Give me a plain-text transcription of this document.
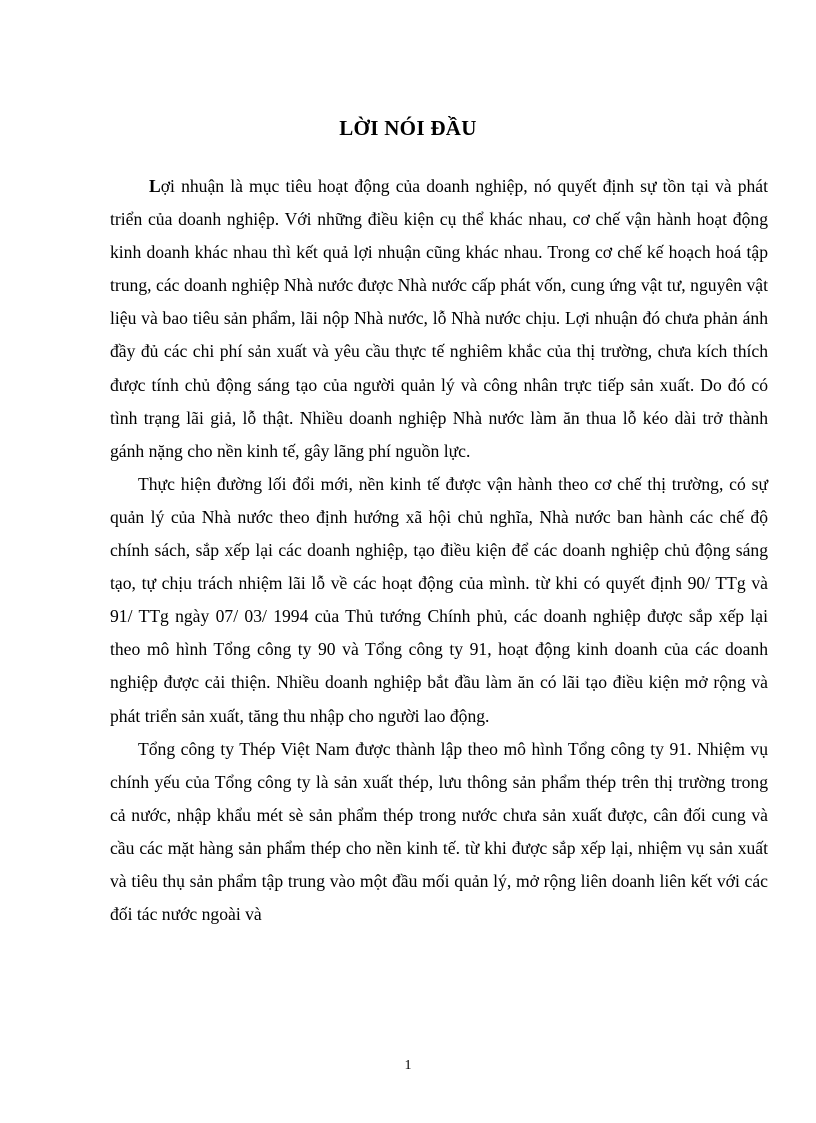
LỜI NÓI ĐẦU

Lợi nhuận là mục tiêu hoạt động của doanh nghiệp, nó quyết định sự tồn tại và phát triển của doanh nghiệp. Với những điều kiện cụ thể khác nhau, cơ chế vận hành hoạt động kinh doanh khác nhau thì kết quả lợi nhuận cũng khác nhau. Trong cơ chế kế hoạch hoá tập trung, các doanh nghiệp Nhà nước được Nhà nước cấp phát vốn, cung ứng vật tư, nguyên vật liệu và bao tiêu sản phẩm, lãi nộp Nhà nước, lỗ Nhà nước chịu. Lợi nhuận đó chưa phản ánh đầy đủ các chi phí sản xuất và yêu cầu thực tế nghiêm khắc của thị trường, chưa kích thích được tính chủ động sáng tạo của người quản lý và công nhân trực tiếp sản xuất. Do đó có tình trạng lãi giả, lỗ thật. Nhiều doanh nghiệp Nhà nước làm ăn thua lỗ kéo dài trở thành gánh nặng cho nền kinh tế, gây lãng phí nguồn lực.

Thực hiện đường lối đổi mới, nền kinh tế được vận hành theo cơ chế thị trường, có sự quản lý của Nhà nước theo định hướng xã hội chủ nghĩa, Nhà nước ban hành các chế độ chính sách, sắp xếp lại các doanh nghiệp, tạo điều kiện để các doanh nghiệp chủ động sáng tạo, tự chịu trách nhiệm lãi lỗ về các hoạt động của mình. từ khi có quyết định 90/ TTg và 91/ TTg ngày 07/ 03/ 1994 của Thủ tướng Chính phủ, các doanh nghiệp được sắp xếp lại theo mô hình Tổng công ty 90 và Tổng công ty 91, hoạt động kinh doanh của các doanh nghiệp được cải thiện. Nhiều doanh nghiệp bắt đầu làm ăn có lãi tạo điều kiện mở rộng và phát triển sản xuất, tăng thu nhập cho người lao động.

Tổng công ty Thép Việt Nam được thành lập theo mô hình Tổng công ty 91. Nhiệm vụ chính yếu của Tổng công ty là sản xuất thép, lưu thông sản phẩm thép trên thị trường trong cả nước, nhập khẩu mét sè sản phẩm thép trong nước chưa sản xuất được, cân đối cung và cầu các mặt hàng sản phẩm thép cho nền kinh tế. từ khi được sắp xếp lại, nhiệm vụ sản xuất và tiêu thụ sản phẩm tập trung vào một đầu mối quản lý, mở rộng liên doanh liên kết với các đối tác nước ngoài và

1
